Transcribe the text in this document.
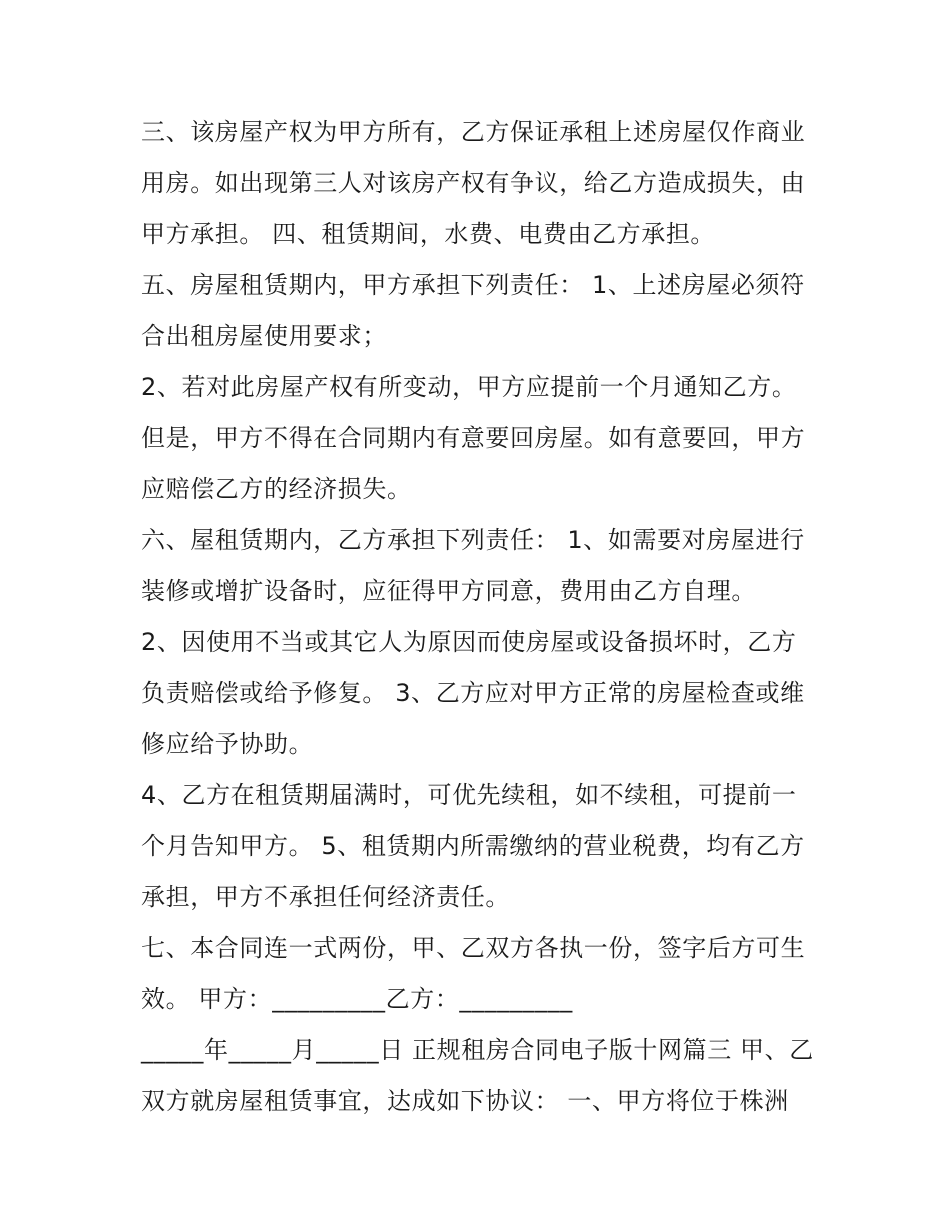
三、该房屋产权为甲方所有，乙方保证承租上述房屋仅作商业
用房。如出现第三人对该房产权有争议，给乙方造成损失，由
甲方承担。 四、租赁期间，水费、电费由乙方承担。
五、房屋租赁期内，甲方承担下列责任： 1、上述房屋必须符
合出租房屋使用要求；
2、若对此房屋产权有所变动，甲方应提前一个月通知乙方。
但是，甲方不得在合同期内有意要回房屋。如有意要回，甲方
应赔偿乙方的经济损失。
六、屋租赁期内，乙方承担下列责任： 1、如需要对房屋进行
装修或增扩设备时，应征得甲方同意，费用由乙方自理。
2、因使用不当或其它人为原因而使房屋或设备损坏时，乙方
负责赔偿或给予修复。 3、乙方应对甲方正常的房屋检查或维
修应给予协助。
4、乙方在租赁期届满时，可优先续租，如不续租，可提前一
个月告知甲方。 5、租赁期内所需缴纳的营业税费，均有乙方
承担，甲方不承担任何经济责任。
七、本合同连一式两份，甲、乙双方各执一份，签字后方可生
效。 甲方：_________乙方：_________
_____年_____月_____日 正规租房合同电子版十网篇三 甲、乙
双方就房屋租赁事宜，达成如下协议： 一、甲方将位于株洲
